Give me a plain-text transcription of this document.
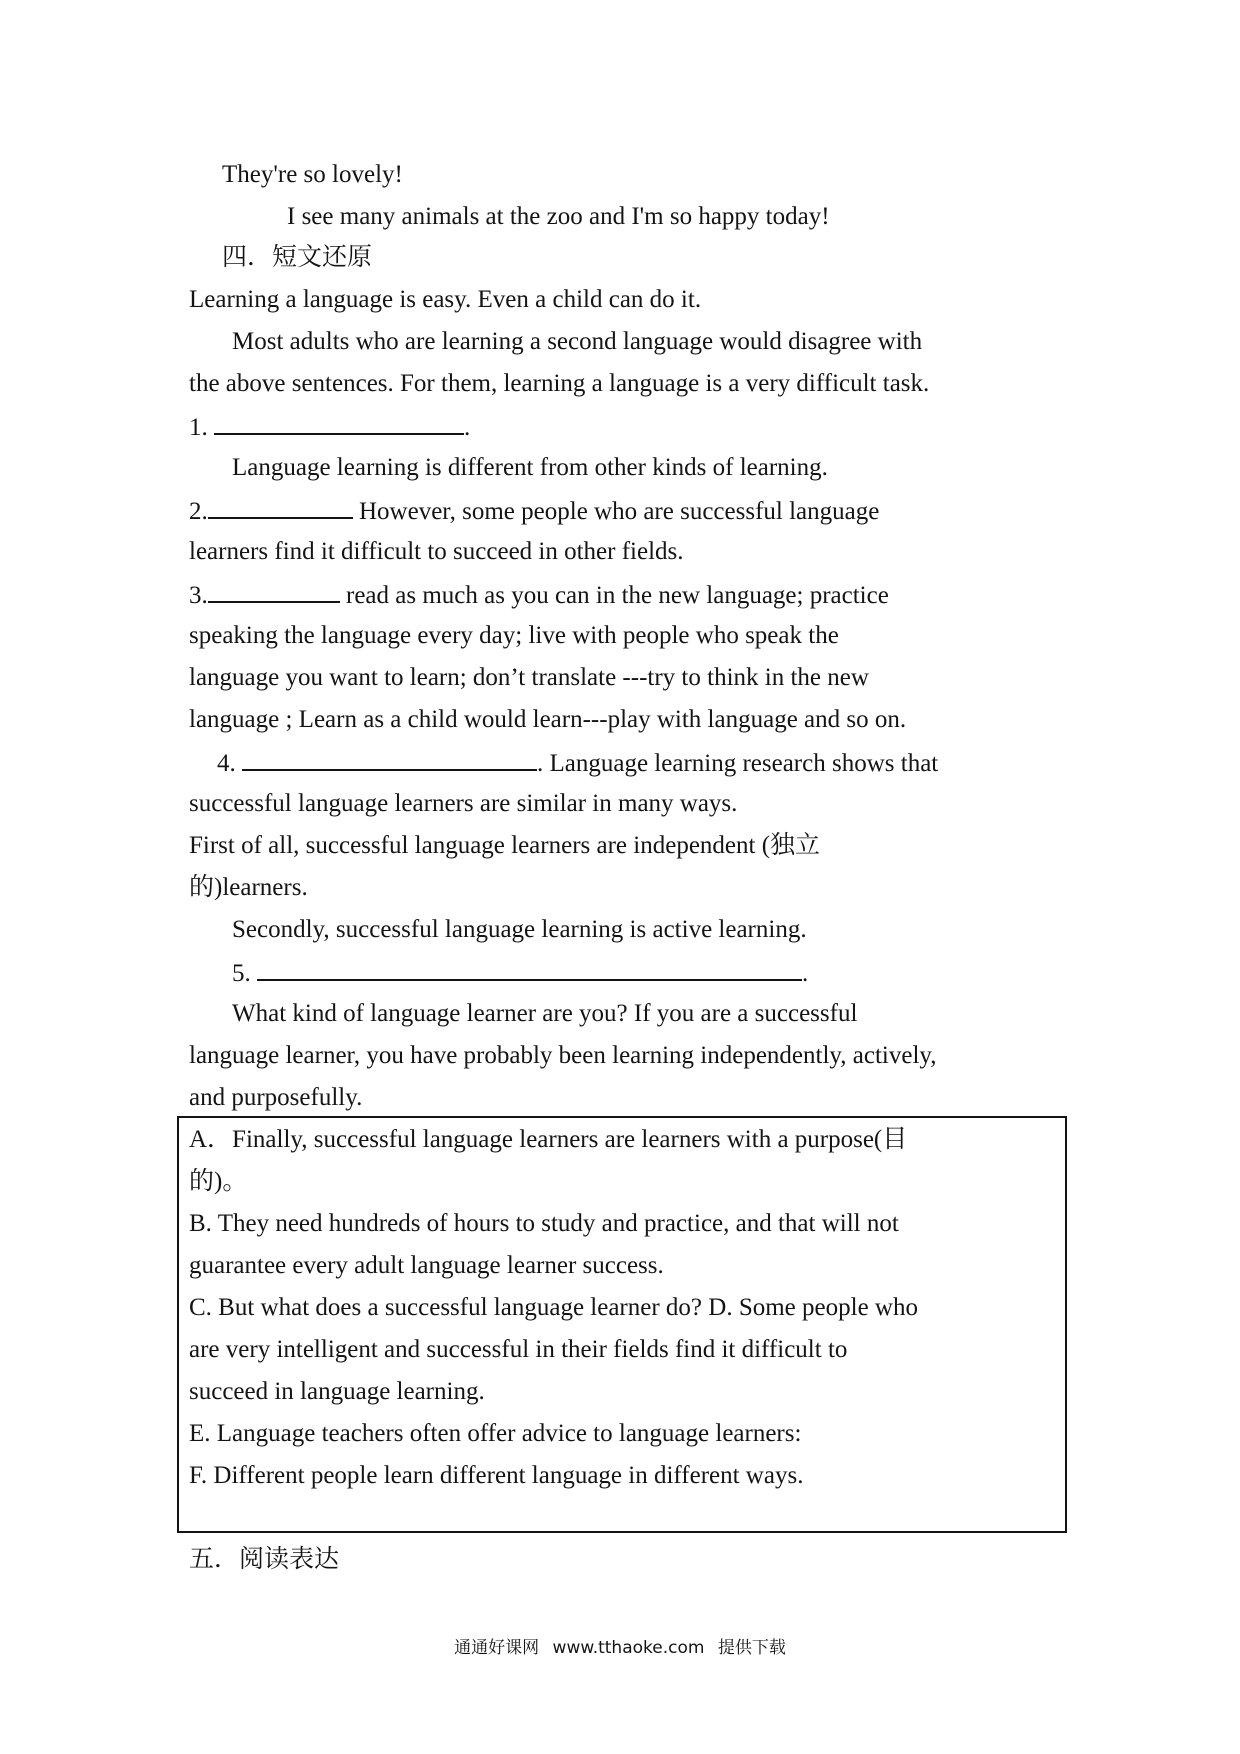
They're so lovely!
I see many animals at the zoo and I'm so happy today!
四．短文还原
Learning a language is easy. Even a child can do it.
Most adults who are learning a second language would disagree with
the above sentences. For them, learning a language is a very difficult task.
1.	.
Language learning is different from other kinds of learning.
2.	However, some people who are successful language
learners find it difficult to succeed in other fields.
3.	read as much as you can in the new language; practice
speaking the language every day; live with people who speak the
language you want to learn; don’t translate ---try to think in the new
language ; Learn as a child would learn---play with language and so on.
4.	. Language learning research shows that
successful language learners are similar in many ways.
First of all, successful language learners are independent (独立
的)learners.
Secondly, successful language learning is active learning.
5.	.
What kind of language learner are you? If you are a successful
language learner, you have probably been learning independently, actively,
and purposefully.
A．Finally, successful language learners are learners with a purpose(目
的)。
B. They need hundreds of hours to study and practice, and that will not
guarantee every adult language learner success.
C. But what does a successful language learner do? D. Some people who
are very intelligent and successful in their fields find it difficult to
succeed in language learning.
E. Language teachers often offer advice to language learners:
F. Different people learn different language in different ways.
五．阅读表达
通通好课网 www.tthaoke.com 提供下载
